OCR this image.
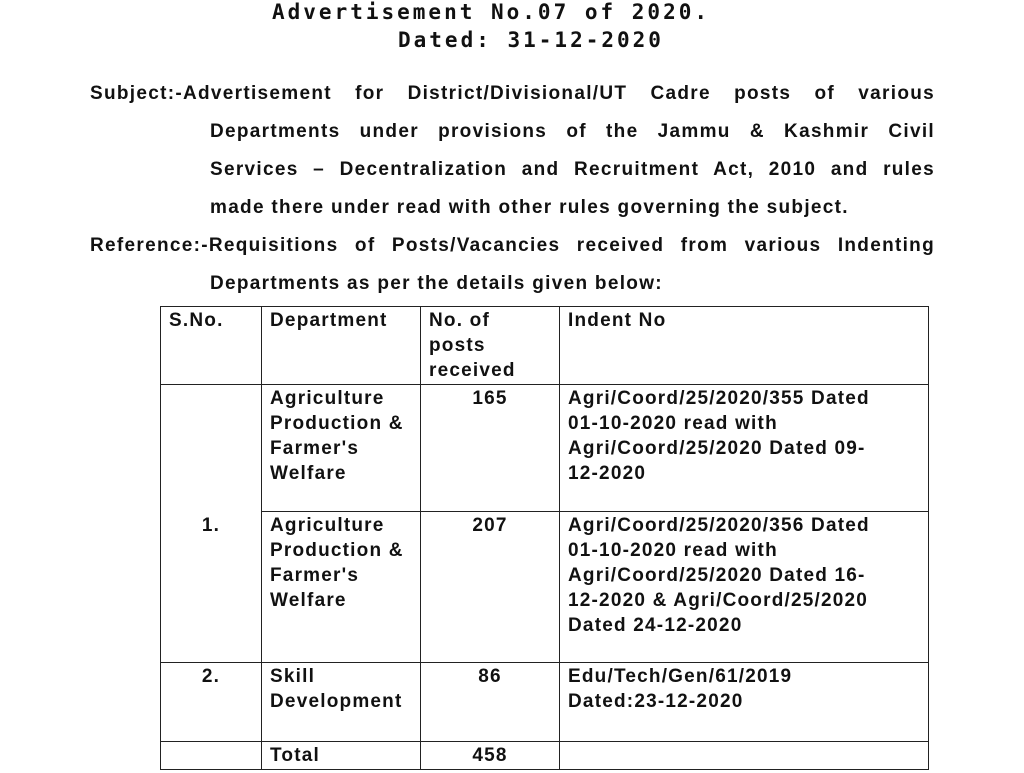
Advertisement No.07 of 2020.
Dated: 31-12-2020
Subject:-Advertisement for District/Divisional/UT Cadre posts of various
Departments under provisions of the Jammu & Kashmir Civil
Services – Decentralization and Recruitment Act, 2010 and rules
made there under read with other rules governing the subject.
Reference:-Requisitions of Posts/Vacancies received from various Indenting
Departments as per the details given below:
S.No.	Department	No. of
posts
received	Indent No
1.	Agriculture
Production &
Farmer's
Welfare	165	Agri/Coord/25/2020/355 Dated
01-10-2020 read with
Agri/Coord/25/2020 Dated 09-
12-2020

	Agriculture
Production &
Farmer's
Welfare	207	Agri/Coord/25/2020/356 Dated
01-10-2020 read with
Agri/Coord/25/2020 Dated 16-
12-2020 & Agri/Coord/25/2020
Dated 24-12-2020

2.	Skill
Development	86	Edu/Tech/Gen/61/2019
Dated:23-12-2020

	Total	458	
